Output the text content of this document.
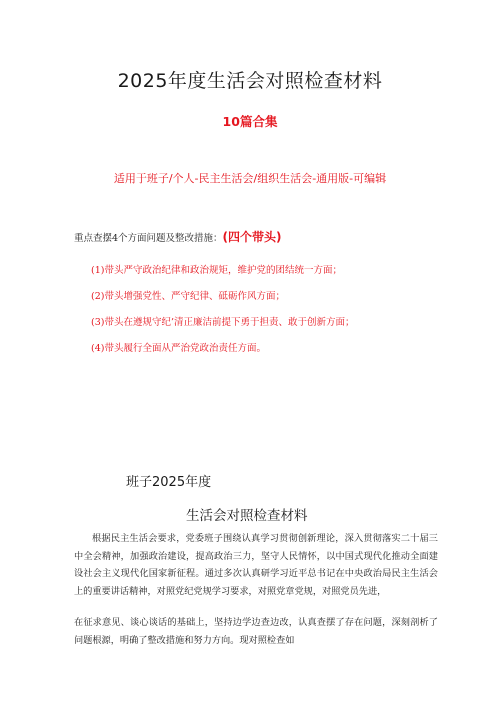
2025年度生活会对照检查材料
10篇合集
适用于班子/个人-民主生活会/组织生活会-通用版-可编辑
重点查摆4个方面问题及整改措施：(四个带头)
(1)带头严守政治纪律和政治规矩，维护党的团结统一方面；
(2)带头增强党性、严守纪律、砥砺作风方面；
(3)带头在遵规守纪’清正廉洁前提下勇于担责、敢于创新方面；
(4)带头履行全面从严治党政治责任方面。
班子2025年度
生活会对照检查材料
根据民主生活会要求，党委班子围绕认真学习贯彻创新理论，深入贯彻落实二十届三中全会精神，加强政治建设，提高政治三力，坚守人民情怀，以中国式现代化推动全面建设社会主义现代化国家新征程。通过多次认真研学习近平总书记在中央政治局民主生活会上的重要讲话精神，对照党纪党规学习要求，对照党章党规，对照党员先进，
在征求意见、谈心谈话的基础上，坚持边学边查边改，认真查摆了存在问题，深刻剖析了问题根源，明确了整改措施和努力方向。现对照检查如
